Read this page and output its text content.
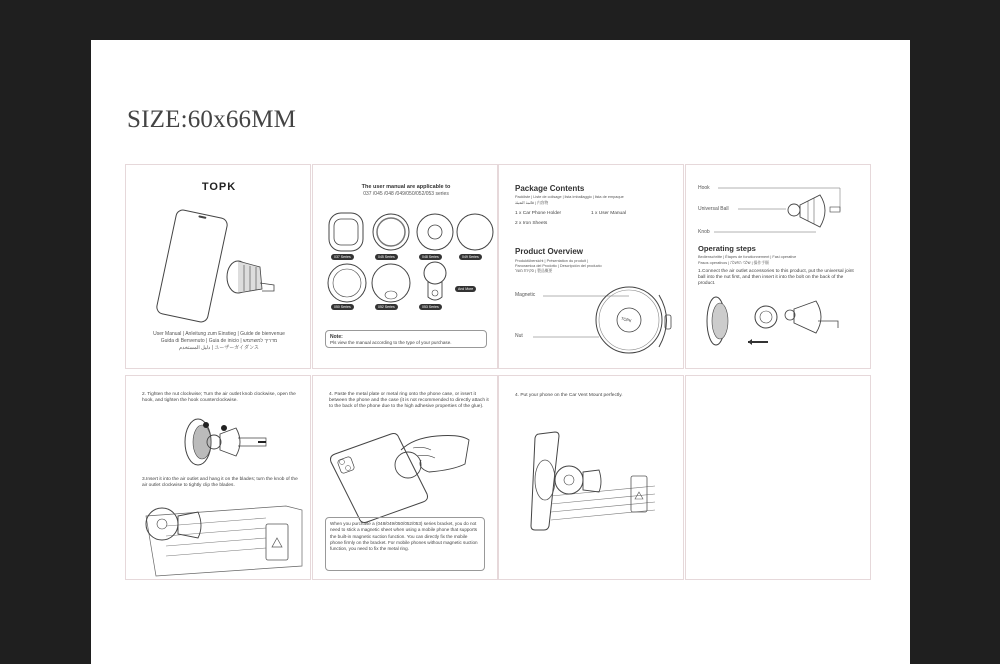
SIZE:60x66MM
TOPK
User Manual | Anleitung zum Einstieg | Guide de bienvenue
Guida di Benvenuto | Guia de inicio | מדריך למשתמש
دليل المستخدم | ユーザーガイダンス
The user manual are applicable to
037 /045 /048 /049/050/052/053 series
037 Series	045 Series	048 Series	049 Series
050 Series	052 Series	053 Series
And More
Note:
Pls view the manual according to the type of your purchase.
Package Contents
Packliste | Liste de colisage | lista imballaggio | lista de empaque
قائمة التعبئة | 内容物
1 x Car Phone Holder	1 x User Manual
2 x Iron Sheets
Product Overview
Produktübersicht | Présentation du produit |
Panoramica del Prodotto | Descripción del producto
סקירת מוצר | 製品概要
Magnetic
Nut
TOPK
Hook
Universal Ball
Knob
Operating steps
Bedienschritte | Étapes de fonctionnement | Fasi operative
Pasos operativos | שלבי הפעלה | 操作手順
1.Connect the air outlet accessories to this product, put the universal joint ball into the nut first, and then insert it into the bolt on the back of the product.
2. Tighten the nut clockwise; Turn the air outlet knob clockwise, open the hook, and tighten the hook counterclockwise.
3.Insert it into the air outlet and hang it on the blades; turn the knob of the air outlet clockwise to tightly clip the blades.
4. Paste the metal plate or metal ring onto the phone case, or insert it between the phone and the case (it is not recommended to directly attach it to the back of the phone due to the high adhesive properties of the glue).
When you purchase a (048/049/050/052/053) series bracket, you do not need to stick a magnetic sheet when using a mobile phone that supports the built-in magnetic suction function. You can directly fix the mobile phone firmly on the bracket. For mobile phones without magnetic suction function, you need to fix the metal ring.
4. Put your phone on the Car Vent Mount perfectly.
